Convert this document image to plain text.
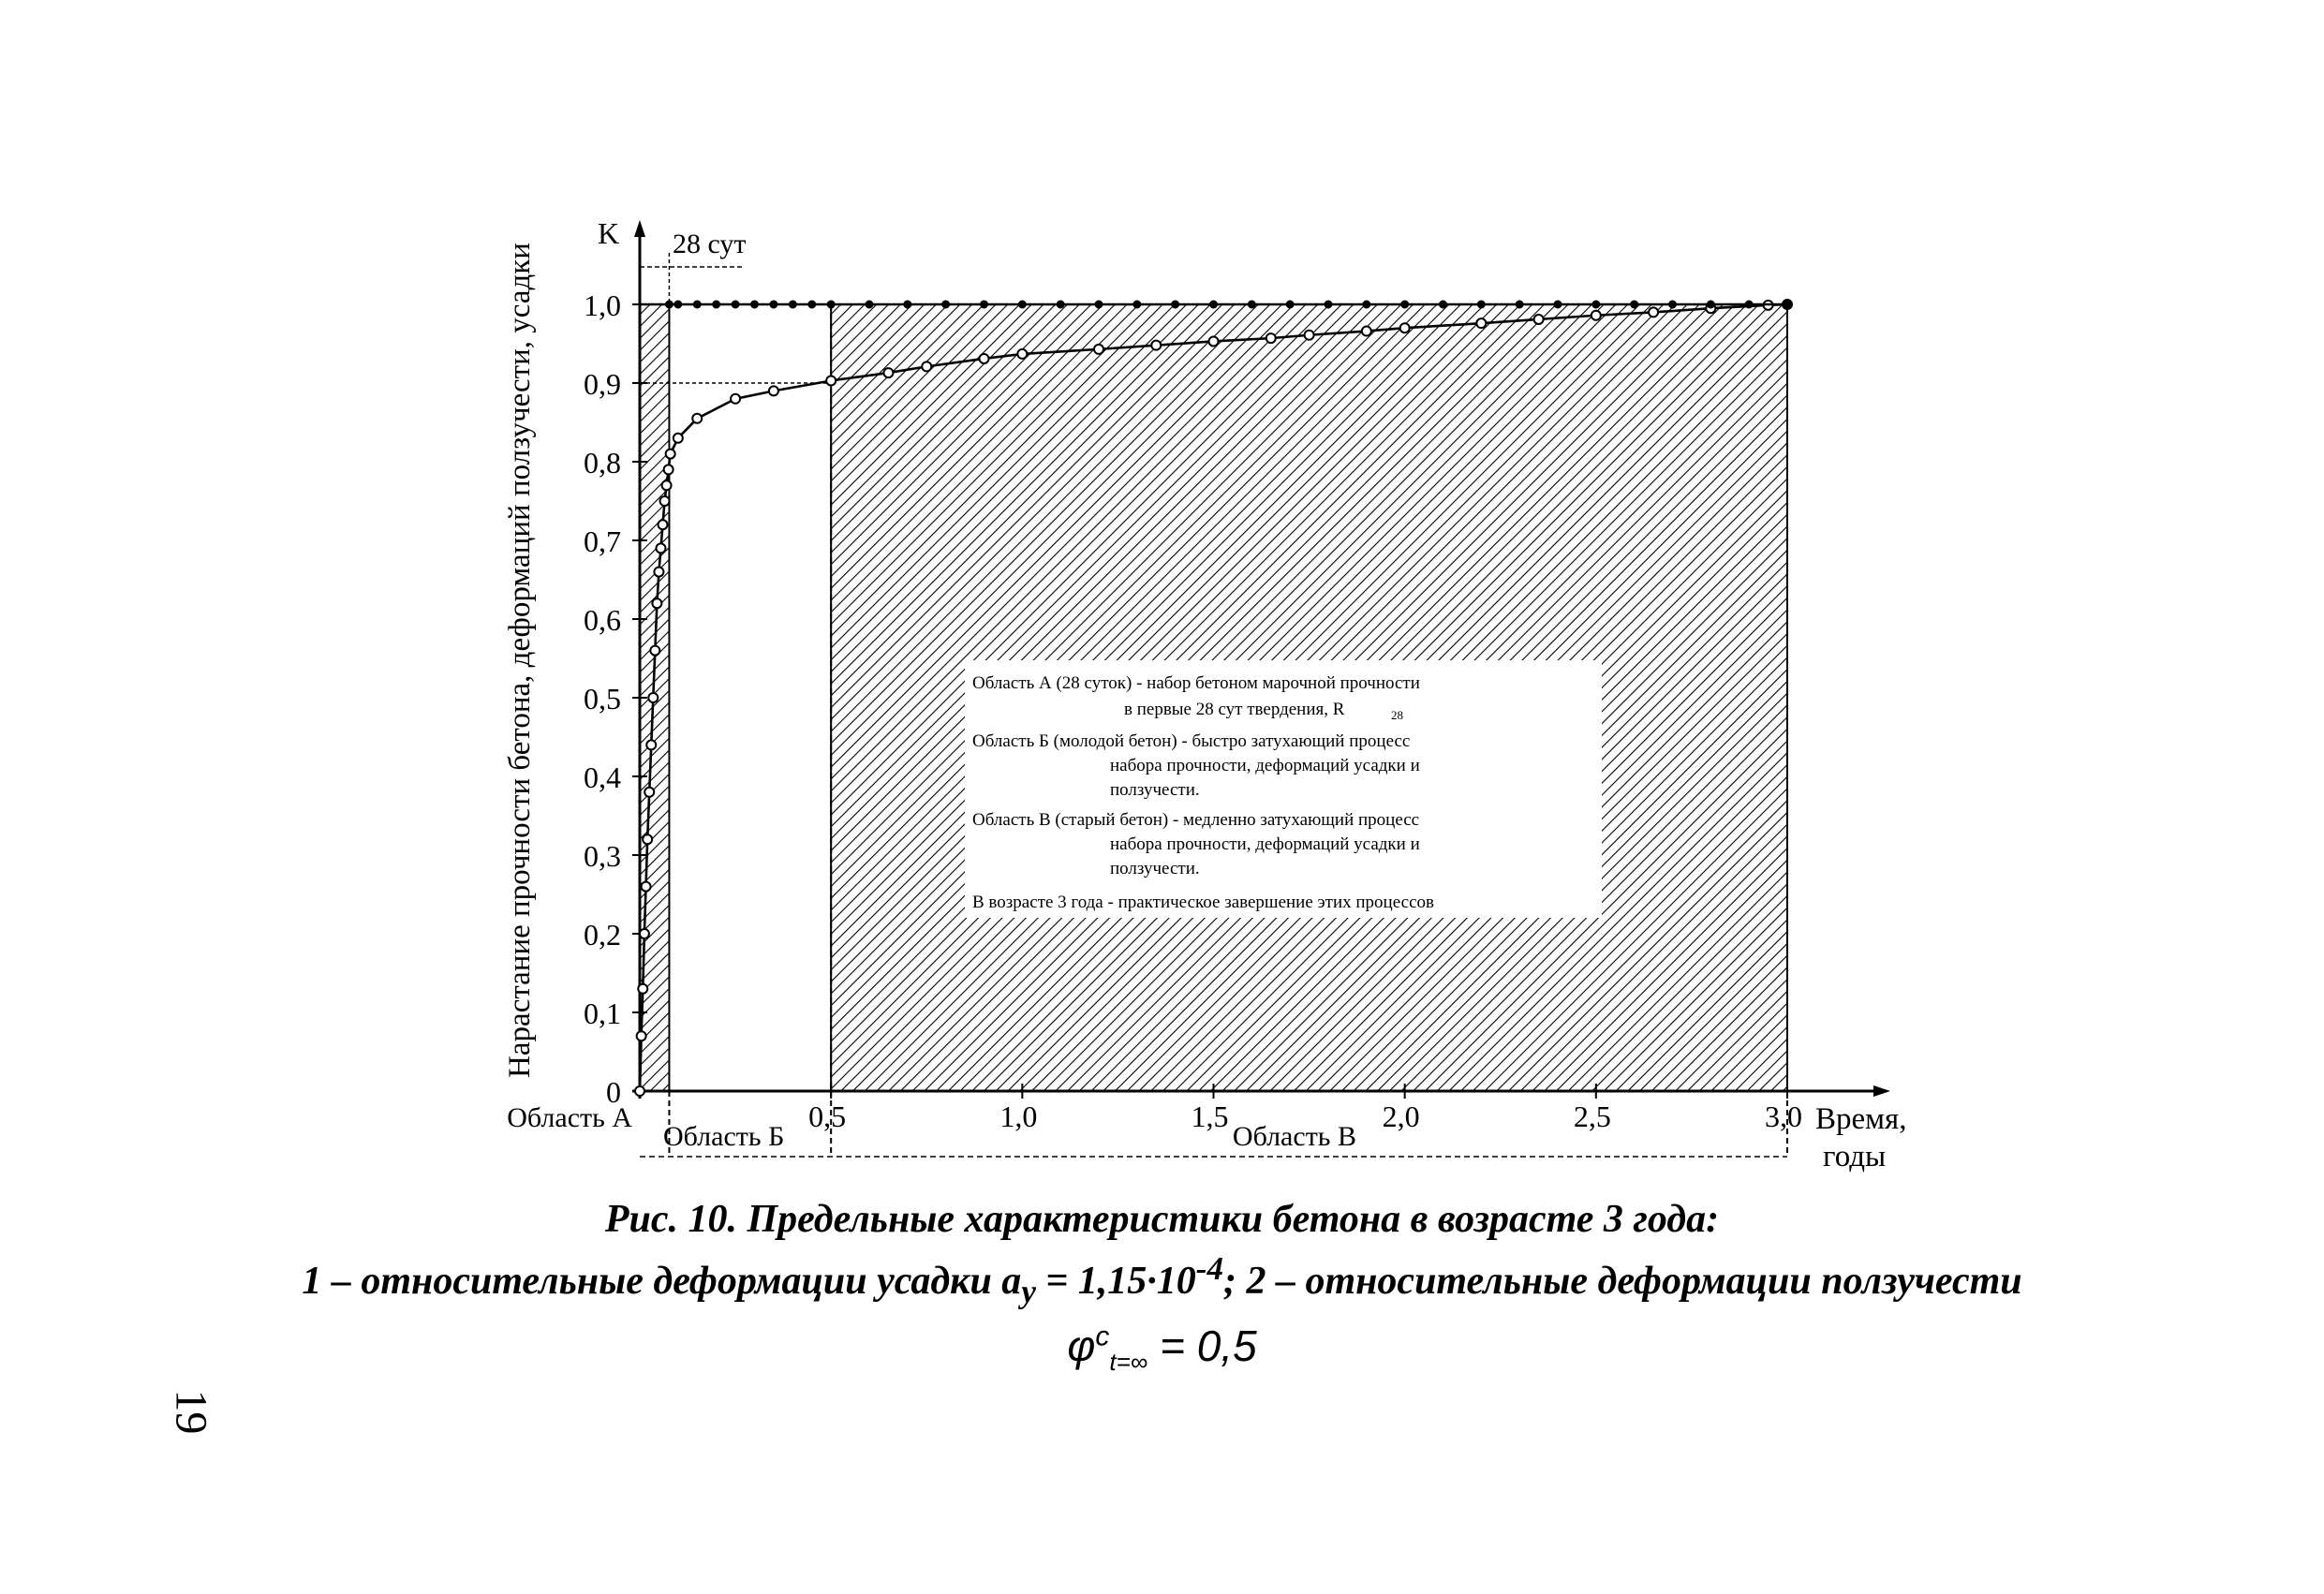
Область А (28 суток) - набор бетоном марочной прочности
в первые 28 сут твердения, R
Область Б (молодой бетон) - быстро затухающий процесс
набора прочности, деформаций усадки и
ползучести.
Область В (старый бетон) - медленно затухающий процесс
набора прочности, деформаций усадки и
ползучести.
В возрасте 3 года - практическое завершение этих процессов
28
0
0,1
0,2
0,3
0,4
0,5
0,6
0,7
0,8
0,9
1,0
0,5	1,0	1,5	2,0	2,5	3,0
K
Нарастание прочности бетона, деформаций ползучести, усадки
Время,
годы
28 сут
Область А
Область Б	Область В
Рис. 10. Предельные характеристики бетона в возрасте 3 года:
1 – относительные деформации усадки $a_y = 1,15\cdot 10^{-4}$; 2 – относительные деформации ползучести
$\varphi^c_{t=\infty} = 0,5$
19
